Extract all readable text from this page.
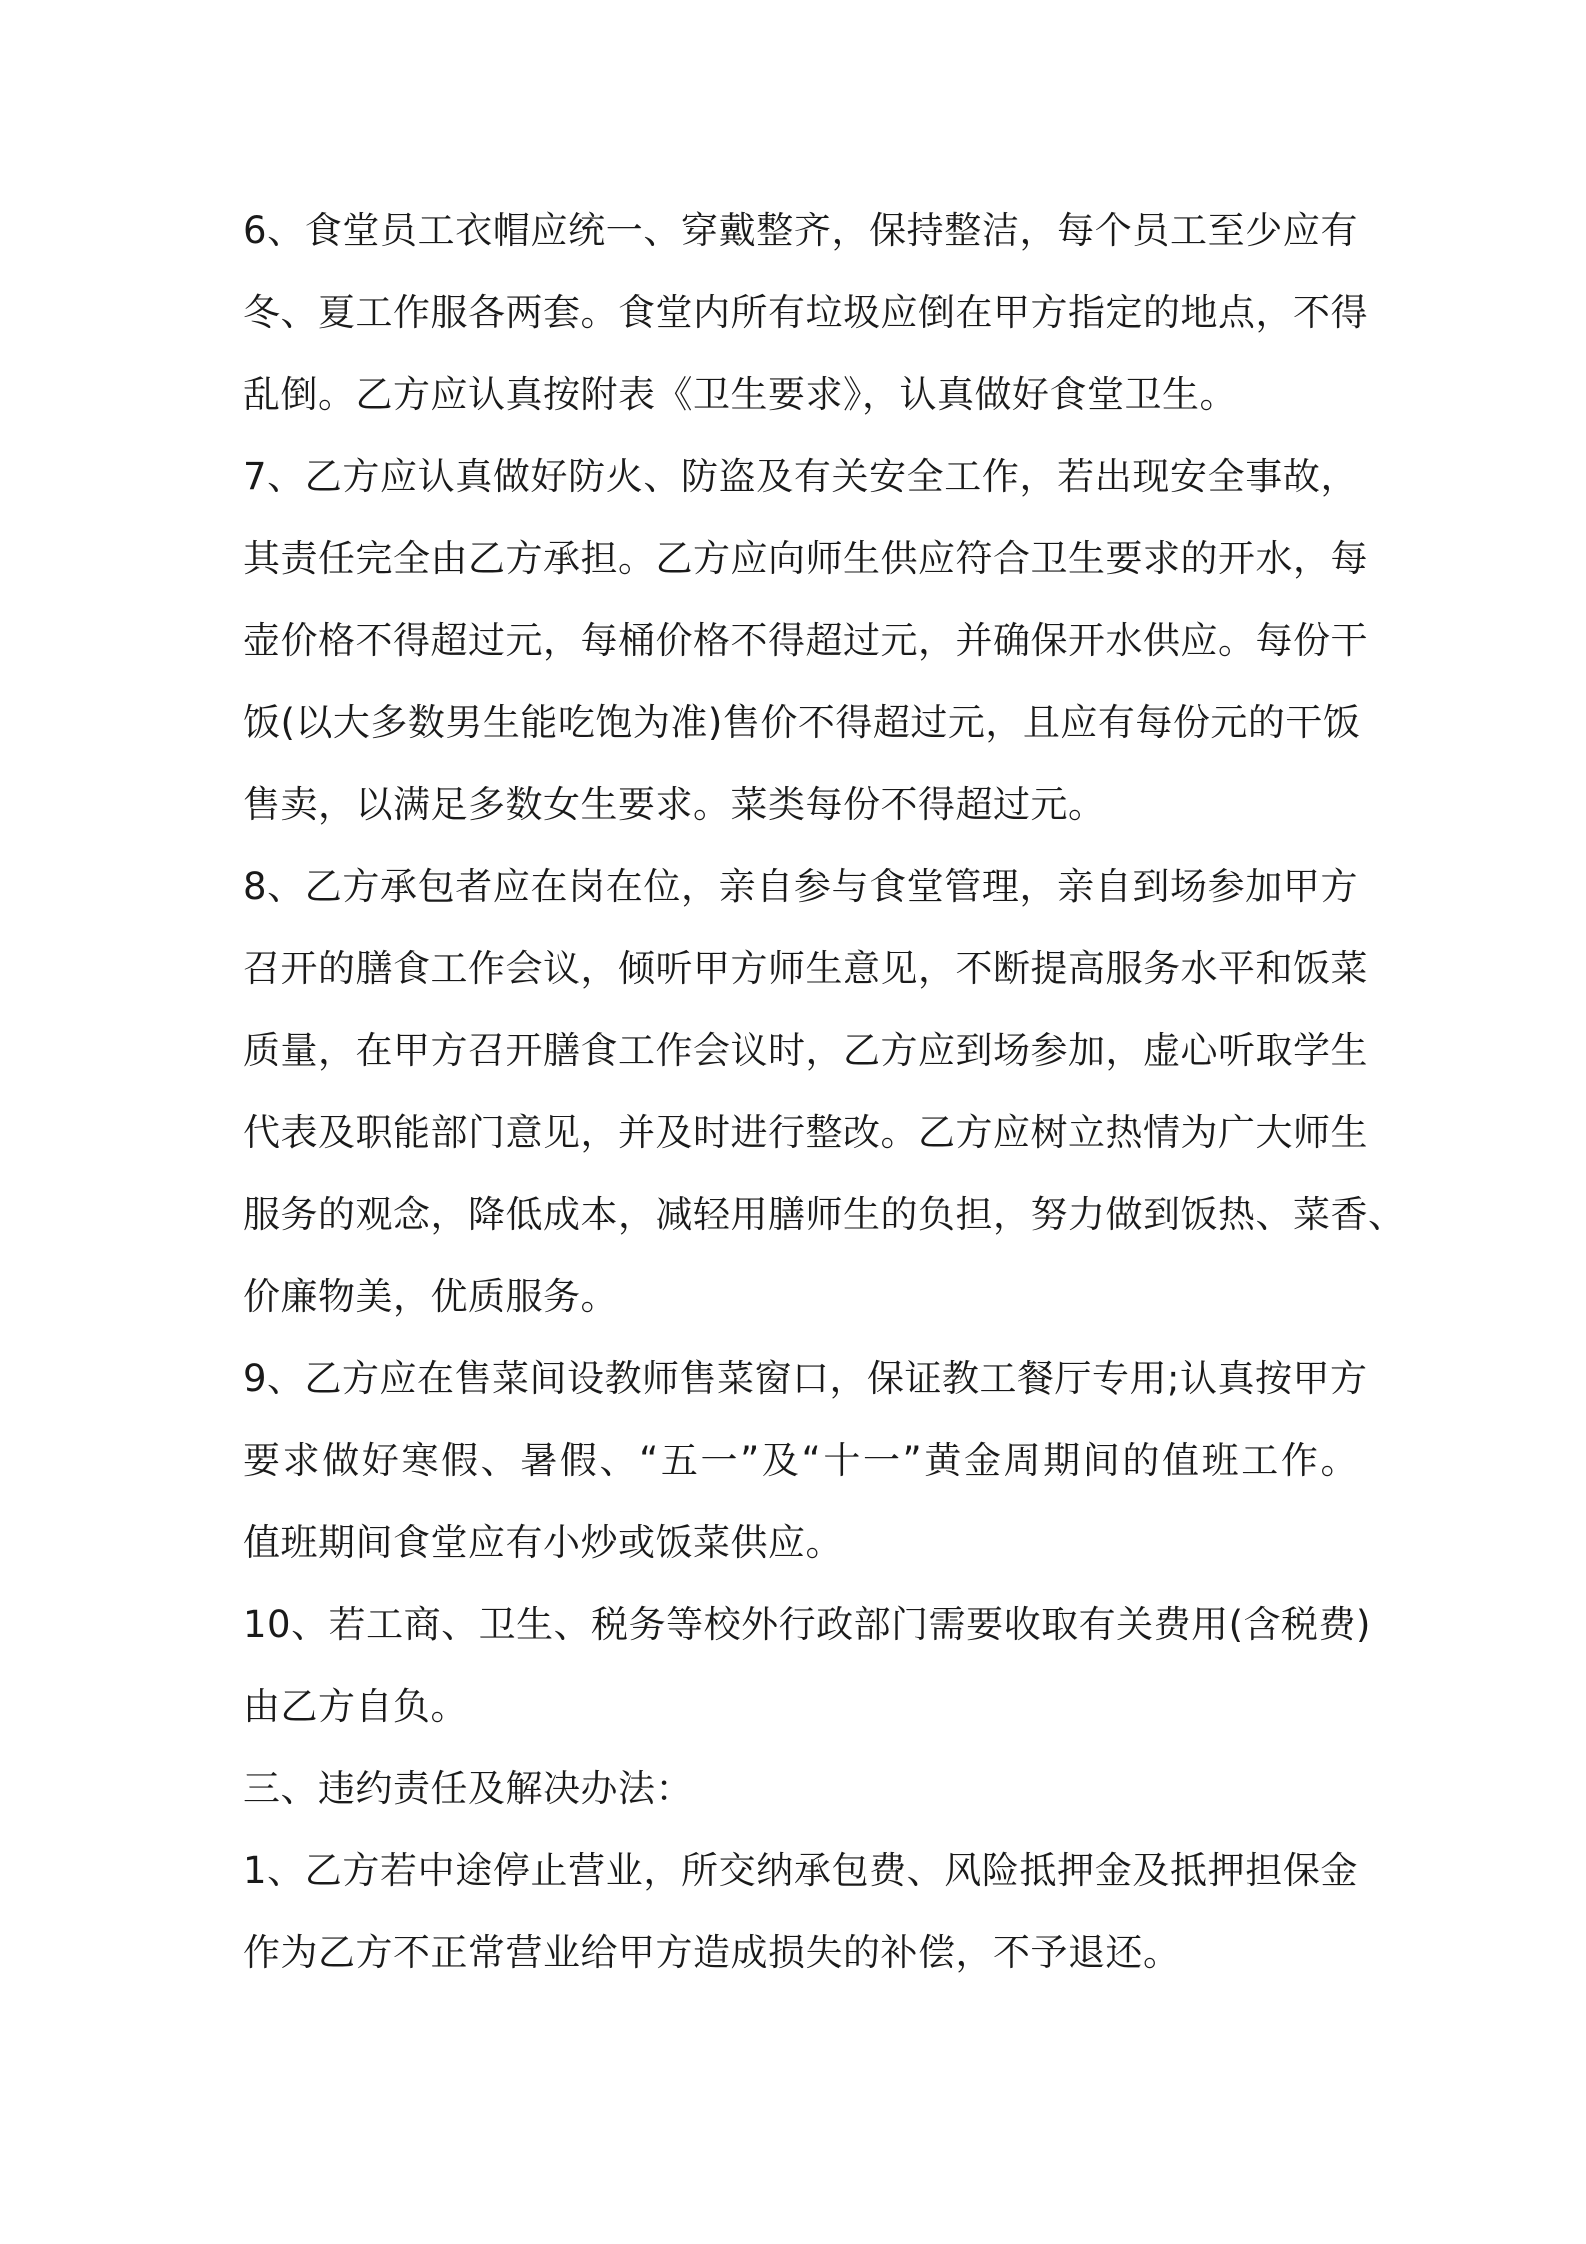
6、食堂员工衣帽应统一、穿戴整齐，保持整洁，每个员工至少应有
冬、夏工作服各两套。食堂内所有垃圾应倒在甲方指定的地点，不得
乱倒。乙方应认真按附表《卫生要求》，认真做好食堂卫生。
7、乙方应认真做好防火、防盗及有关安全工作，若出现安全事故，
其责任完全由乙方承担。乙方应向师生供应符合卫生要求的开水，每
壶价格不得超过元，每桶价格不得超过元，并确保开水供应。每份干
饭(以大多数男生能吃饱为准)售价不得超过元，且应有每份元的干饭
售卖，以满足多数女生要求。菜类每份不得超过元。
8、乙方承包者应在岗在位，亲自参与食堂管理，亲自到场参加甲方
召开的膳食工作会议，倾听甲方师生意见，不断提高服务水平和饭菜
质量，在甲方召开膳食工作会议时，乙方应到场参加，虚心听取学生
代表及职能部门意见，并及时进行整改。乙方应树立热情为广大师生
服务的观念，降低成本，减轻用膳师生的负担，努力做到饭热、菜香、
价廉物美，优质服务。
9、乙方应在售菜间设教师售菜窗口，保证教工餐厅专用;认真按甲方
要求做好寒假、暑假、“五一”及“十一”黄金周期间的值班工作。
值班期间食堂应有小炒或饭菜供应。
10、若工商、卫生、税务等校外行政部门需要收取有关费用(含税费)
由乙方自负。
三、违约责任及解决办法：
1、乙方若中途停止营业，所交纳承包费、风险抵押金及抵押担保金
作为乙方不正常营业给甲方造成损失的补偿，不予退还。
